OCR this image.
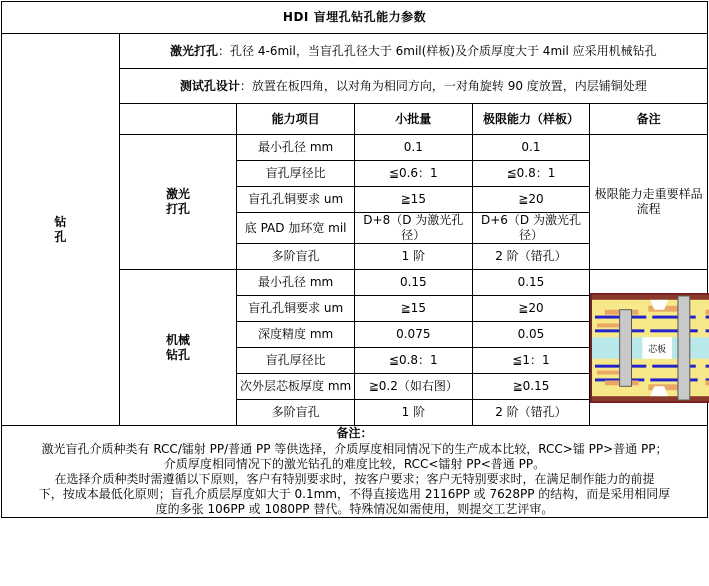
HDI 盲埋孔钻孔能力参数					

钻
孔	激光打孔：孔径 4-6mil，当盲孔孔径大于 6mil(样板)及介质厚度大于 4mil 应采用机械钻孔				
	测试孔设计：放置在板四角，以对角为相同方向，一对角旋转 90 度放置，内层铺铜处理				
		能力项目	小批量	极限能力（样板）	备注

	激光
打孔	最小孔径 mm	0.1	0.1	极限能力走重要样品流程
		盲孔厚径比	≦0.6：1	≦0.8：1	
		盲孔孔铜要求 um	≧15	≧20	
		底 PAD 加环宽 mil	D+8（D 为激光孔径）	D+6（D 为激光孔径）	
		多阶盲孔	1 阶	2 阶（错孔）	

	机械
钻孔	最小孔径 mm	0.15	0.15	芯板

		盲孔孔铜要求 um	≧15	≧20	
		深度精度 mm	0.075	0.05	
		盲孔厚径比	≦0.8：1	≦1：1	
		次外层芯板厚度 mm	≧0.2（如右图）	≧0.15	
		多阶盲孔	1 阶	2 阶（错孔）	

备注：

激光盲孔介质种类有 RCC/镭射 PP/普通 PP 等供选择，介质厚度相同情况下的生产成本比较，RCC>镭 PP>普通 PP；

介质厚度相同情况下的激光钻孔的难度比较，RCC<镭射 PP<普通 PP。

在选择介质种类时需遵循以下原则，客户有特别要求时，按客户要求；客户无特别要求时，在满足制作能力的前提

下，按成本最低化原则；盲孔介质层厚度如大于 0.1mm，不得直接选用 2116PP 或 7628PP 的结构，而是采用相同厚

度的多张 106PP 或 1080PP 替代。特殊情况如需使用，则提交工艺评审。
